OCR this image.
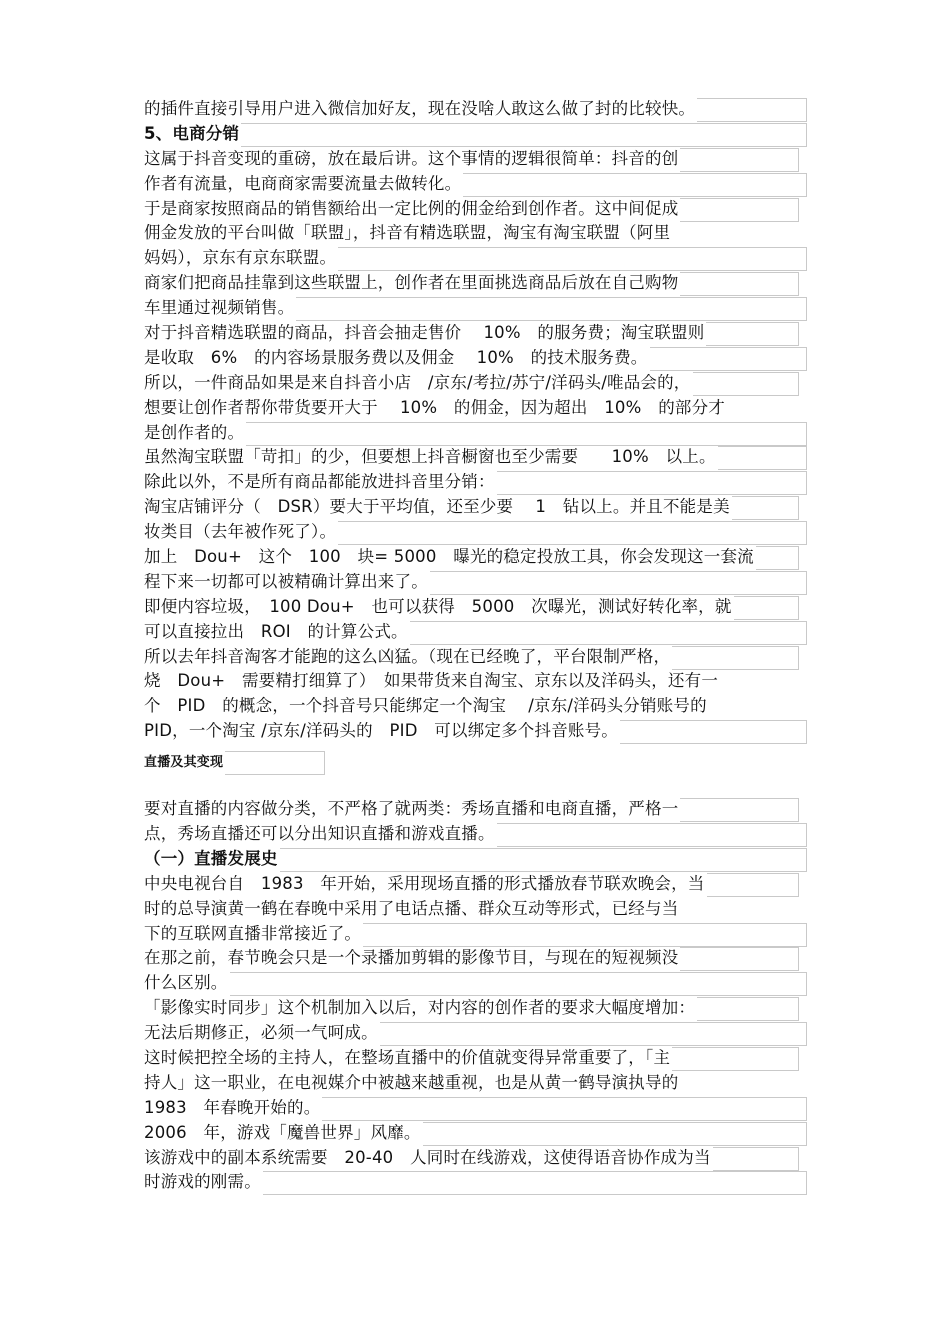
的插件直接引导用户进入微信加好友，现在没啥人敢这么做了封的比较快。
5、电商分销
这属于抖音变现的重磅，放在最后讲。这个事情的逻辑很简单：抖音的创
作者有流量，电商商家需要流量去做转化。
于是商家按照商品的销售额给出一定比例的佣金给到创作者。这中间促成
佣金发放的平台叫做「联盟」，抖音有精选联盟，淘宝有淘宝联盟（阿里
妈妈），京东有京东联盟。
商家们把商品挂靠到这些联盟上，创作者在里面挑选商品后放在自己购物
车里通过视频销售。
对于抖音精选联盟的商品，抖音会抽走售价　 10%　的服务费；淘宝联盟则
是收取　6%　的内容场景服务费以及佣金　 10%　的技术服务费。
所以，一件商品如果是来自抖音小店　/京东/考拉/苏宁/洋码头/唯品会的，
想要让创作者帮你带货要开大于　 10%　的佣金，因为超出　10%　的部分才
是创作者的。
虽然淘宝联盟「苛扣」的少，但要想上抖音橱窗也至少需要　　10%　以上。
除此以外，不是所有商品都能放进抖音里分销：
淘宝店铺评分（　DSR）要大于平均值，还至少要　 1　钻以上。并且不能是美
妆类目（去年被作死了）。
加上　Dou+　这个　100　块= 5000　曝光的稳定投放工具，你会发现这一套流
程下来一切都可以被精确计算出来了。
即便内容垃圾，　100 Dou+　也可以获得　5000　次曝光，测试好转化率，就
可以直接拉出　ROI　的计算公式。
所以去年抖音淘客才能跑的这么凶猛。（现在已经晚了，平台限制严格，
烧　Dou+　需要精打细算了）　如果带货来自淘宝、京东以及洋码头，还有一
个　PID　的概念，一个抖音号只能绑定一个淘宝　 /京东/洋码头分销账号的
PID，一个淘宝 /京东/洋码头的　PID　可以绑定多个抖音账号。
直播及其变现
要对直播的内容做分类，不严格了就两类：秀场直播和电商直播，严格一
点，秀场直播还可以分出知识直播和游戏直播。
（一）直播发展史
中央电视台自　1983　年开始，采用现场直播的形式播放春节联欢晚会，当
时的总导演黄一鹤在春晚中采用了电话点播、群众互动等形式，已经与当
下的互联网直播非常接近了。
在那之前，春节晚会只是一个录播加剪辑的影像节目，与现在的短视频没
什么区别。
「影像实时同步」这个机制加入以后，对内容的创作者的要求大幅度增加：
无法后期修正，必须一气呵成。
这时候把控全场的主持人，在整场直播中的价值就变得异常重要了，「主
持人」这一职业，在电视媒介中被越来越重视，也是从黄一鹤导演执导的
1983　年春晚开始的。
2006　年，游戏「魔兽世界」风靡。
该游戏中的副本系统需要　20-40　人同时在线游戏，这使得语音协作成为当
时游戏的刚需。
